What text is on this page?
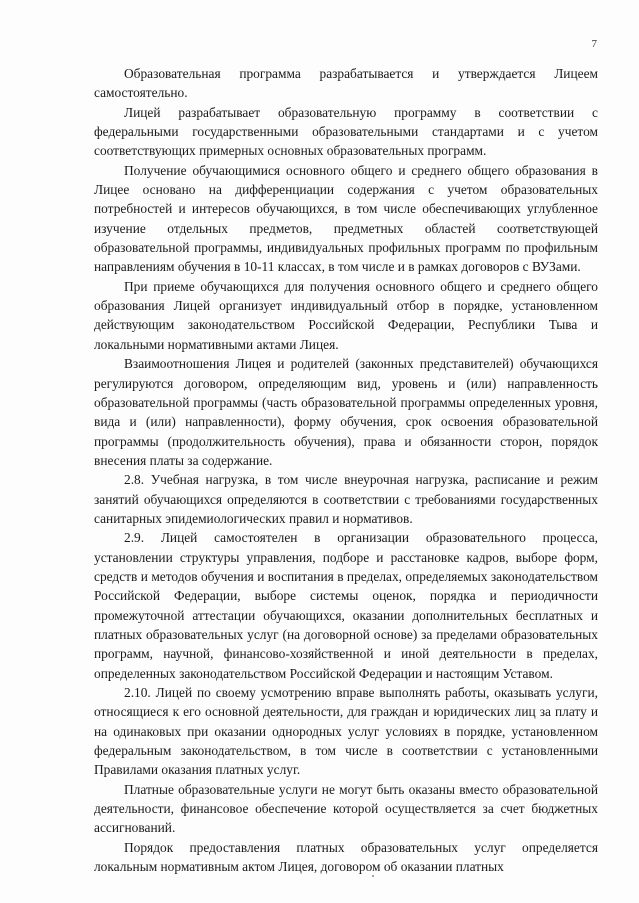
7

Образовательная программа разрабатывается и утверждается Лицеем самостоятельно.

Лицей разрабатывает образовательную программу в соответствии с федеральными государственными образовательными стандартами и с учетом соответствующих примерных основных образовательных программ.

Получение обучающимися основного общего и среднего общего образования в Лицее основано на дифференциации содержания с учетом образовательных потребностей и интересов обучающихся, в том числе обеспечивающих углубленное изучение отдельных предметов, предметных областей соответствующей образовательной программы, индивидуальных профильных программ по профильным направлениям обучения в 10-11 классах, в том числе и в рамках договоров с ВУЗами.

При приеме обучающихся для получения основного общего и среднего общего образования Лицей организует индивидуальный отбор в порядке, установленном действующим законодательством Российской Федерации, Республики Тыва и локальными нормативными актами Лицея.

Взаимоотношения Лицея и родителей (законных представителей) обучающихся регулируются договором, определяющим вид, уровень и (или) направленность образовательной программы (часть образовательной программы определенных уровня, вида и (или) направленности), форму обучения, срок освоения образовательной программы (продолжительность обучения), права и обязанности сторон, порядок внесения платы за содержание.

2.8. Учебная нагрузка, в том числе внеурочная нагрузка, расписание и режим занятий обучающихся определяются в соответствии с требованиями государственных санитарных эпидемиологических правил и нормативов.

2.9. Лицей самостоятелен в организации образовательного процесса, установлении структуры управления, подборе и расстановке кадров, выборе форм, средств и методов обучения и воспитания в пределах, определяемых законодательством Российской Федерации, выборе системы оценок, порядка и периодичности промежуточной аттестации обучающихся, оказании дополнительных бесплатных и платных образовательных услуг (на договорной основе) за пределами образовательных программ, научной, финансово-хозяйственной и иной деятельности в пределах, определенных законодательством Российской Федерации и настоящим Уставом.

2.10. Лицей по своему усмотрению вправе выполнять работы, оказывать услуги, относящиеся к его основной деятельности, для граждан и юридических лиц за плату и на одинаковых при оказании однородных услуг условиях в порядке, установленном федеральным законодательством, в том числе в соответствии с установленными Правилами оказания платных услуг.

Платные образовательные услуги не могут быть оказаны вместо образовательной деятельности, финансовое обеспечение которой осуществляется за счет бюджетных ассигнований.

Порядок предоставления платных образовательных услуг определяется локальным нормативным актом Лицея, договором об оказании платных
